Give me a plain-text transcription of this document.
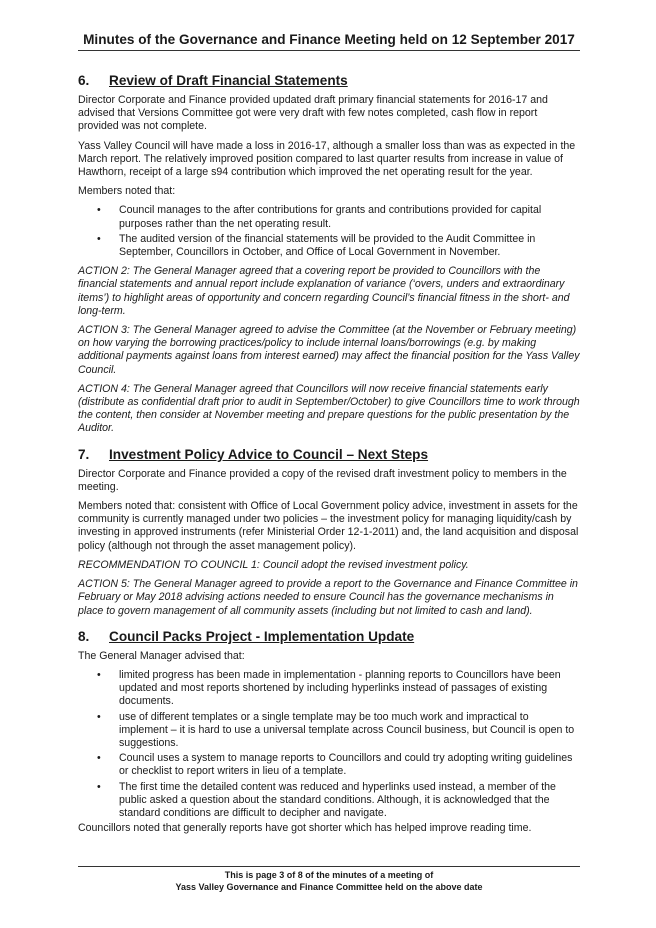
Minutes of the Governance and Finance Meeting held on 12 September 2017
6.	Review of Draft Financial Statements

Director Corporate and Finance provided updated draft primary financial statements for 2016-17 and advised that Versions Committee got were very draft with few notes completed, cash flow in report provided was not complete.

Yass Valley Council will have made a loss in 2016-17, although a smaller loss than was as expected in the March report. The relatively improved position compared to last quarter results from increase in value of Hawthorn, receipt of a large s94 contribution which improved the net operating result for the year.

Members noted that:

• Council manages to the after contributions for grants and contributions provided for capital purposes rather than the net operating result.
• The audited version of the financial statements will be provided to the Audit Committee in September, Councillors in October, and Office of Local Government in November.

ACTION 2: The General Manager agreed that a covering report be provided to Councillors with the financial statements and annual report include explanation of variance (‘overs, unders and extraordinary items’) to highlight areas of opportunity and concern regarding Council’s financial fitness in the short- and long-term.

ACTION 3: The General Manager agreed to advise the Committee (at the November or February meeting) on how varying the borrowing practices/policy to include internal loans/borrowings (e.g. by making additional payments against loans from interest earned) may affect the financial position for the Yass Valley Council.

ACTION 4: The General Manager agreed that Councillors will now receive financial statements early (distribute as confidential draft prior to audit in September/October) to give Councillors time to work through the content, then consider at November meeting and prepare questions for the public presentation by the Auditor.

7.	Investment Policy Advice to Council – Next Steps

Director Corporate and Finance provided a copy of the revised draft investment policy to members in the meeting.

Members noted that: consistent with Office of Local Government policy advice, investment in assets for the community is currently managed under two policies – the investment policy for managing liquidity/cash by investing in approved instruments (refer Ministerial Order 12-1-2011) and, the land acquisition and disposal policy (although not through the asset management policy).

RECOMMENDATION TO COUNCIL 1: Council adopt the revised investment policy.

ACTION 5: The General Manager agreed to provide a report to the Governance and Finance Committee in February or May 2018 advising actions needed to ensure Council has the governance mechanisms in place to govern management of all community assets (including but not limited to cash and land).

8.	Council Packs Project - Implementation Update

The General Manager advised that:

• limited progress has been made in implementation - planning reports to Councillors have been updated and most reports shortened by including hyperlinks instead of passages of existing documents.
• use of different templates or a single template may be too much work and impractical to implement – it is hard to use a universal template across Council business, but Council is open to suggestions.
• Council uses a system to manage reports to Councillors and could try adopting writing guidelines or checklist to report writers in lieu of a template.
• The first time the detailed content was reduced and hyperlinks used instead, a member of the public asked a question about the standard conditions. Although, it is acknowledged that the standard conditions are difficult to decipher and navigate.

Councillors noted that generally reports have got shorter which has helped improve reading time.

This is page 3 of 8 of the minutes of a meeting of
Yass Valley Governance and Finance Committee held on the above date
